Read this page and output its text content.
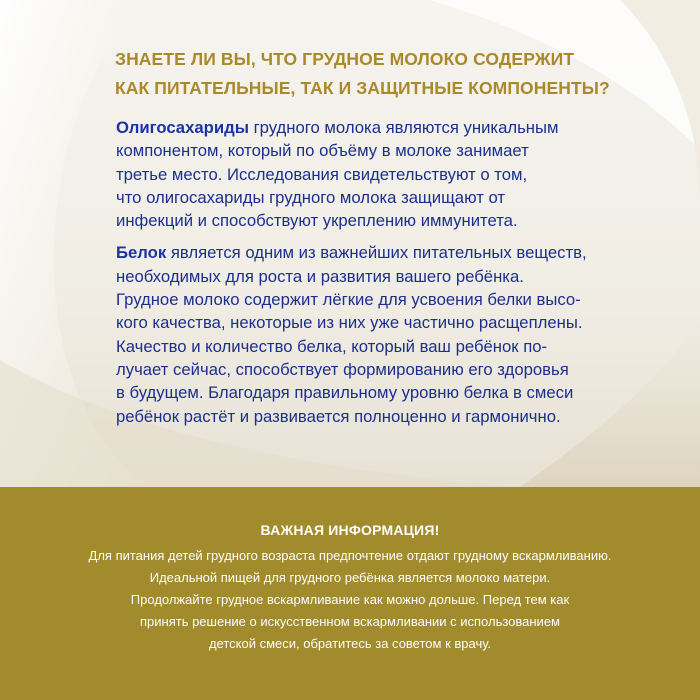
ЗНАЕТЕ ЛИ ВЫ, ЧТО ГРУДНОЕ МОЛОКО СОДЕРЖИТ
КАК ПИТАТЕЛЬНЫЕ, ТАК И ЗАЩИТНЫЕ КОМПОНЕНТЫ?

Олигосахариды грудного молока являются уникальным
компонентом, который по объёму в молоке занимает
третье место. Исследования свидетельствуют о том,
что олигосахариды грудного молока защищают от
инфекций и способствуют укреплению иммунитета.

Белок является одним из важнейших питательных веществ,
необходимых для роста и развития вашего ребёнка.
Грудное молоко содержит лёгкие для усвоения белки высо-
кого качества, некоторые из них уже частично расщеплены.
Качество и количество белка, который ваш ребёнок по-
лучает сейчас, способствует формированию его здоровья
в будущем. Благодаря правильному уровню белка в смеси
ребёнок растёт и развивается полноценно и гармонично.

ВАЖНАЯ ИНФОРМАЦИЯ!
Для питания детей грудного возраста предпочтение отдают грудному вскармливанию.
Идеальной пищей для грудного ребёнка является молоко матери.
Продолжайте грудное вскармливание как можно дольше. Перед тем как
принять решение о искусственном вскармливании с использованием
детской смеси, обратитесь за советом к врачу.
